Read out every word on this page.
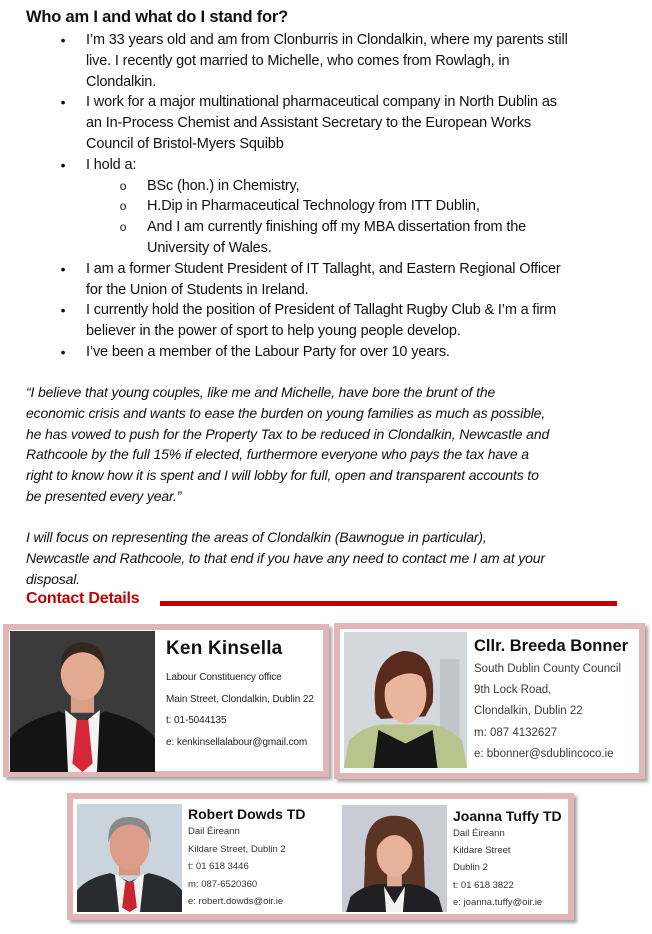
Who am I and what do I stand for?
• I’m 33 years old and am from Clonburris in Clondalkin, where my parents still
live. I recently got married to Michelle, who comes from Rowlagh, in
Clondalkin.
• I work for a major multinational pharmaceutical company in North Dublin as
an In-Process Chemist and Assistant Secretary to the European Works
Council of Bristol-Myers Squibb
• I hold a:
o BSc (hon.) in Chemistry,
o H.Dip in Pharmaceutical Technology from ITT Dublin,
o And I am currently finishing off my MBA dissertation from the
University of Wales.
• I am a former Student President of IT Tallaght, and Eastern Regional Officer
for the Union of Students in Ireland.
• I currently hold the position of President of Tallaght Rugby Club & I’m a firm
believer in the power of sport to help young people develop.
• I’ve been a member of the Labour Party for over 10 years.
“I believe that young couples, like me and Michelle, have bore the brunt of the
economic crisis and wants to ease the burden on young families as much as possible,
he has vowed to push for the Property Tax to be reduced in Clondalkin, Newcastle and
Rathcoole by the full 15% if elected, furthermore everyone who pays the tax have a
right to know how it is spent and I will lobby for full, open and transparent accounts to
be presented every year.”
I will focus on representing the areas of Clondalkin (Bawnogue in particular),
Newcastle and Rathcoole, to that end if you have any need to contact me I am at your
disposal.
Contact Details
Ken Kinsella
Labour Constituency office
Main Street, Clondalkin, Dublin 22
t: 01-5044135
e: kenkinsellalabour@gmail.com
Cllr. Breeda Bonner
South Dublin County Council
9th Lock Road,
Clondalkin, Dublin 22
m: 087 4132627
e: bbonner@sdublincoco.ie
Robert Dowds TD
Dail Éireann
Kildare Street, Dublin 2
t: 01 618 3446
m: 087-6520360
e: robert.dowds@oir.ie
Joanna Tuffy TD
Dail Éireann
Kildare Street
Dublin 2
t: 01 618 3822
e: joanna.tuffy@oir.ie
